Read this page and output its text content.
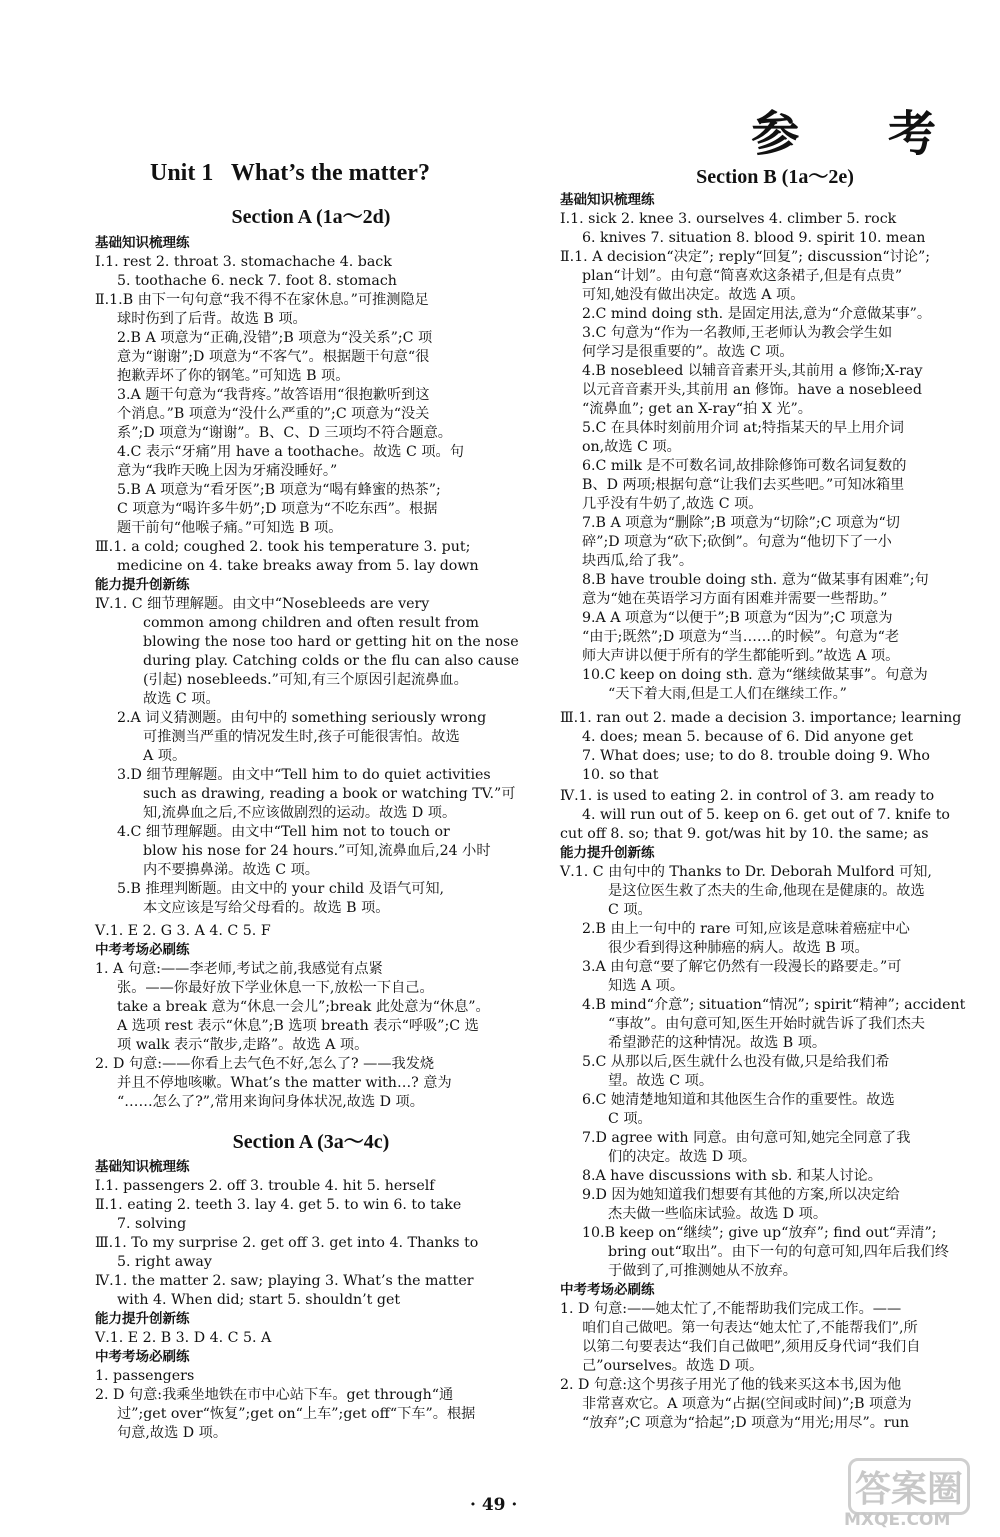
参 考
Unit 1   What’s the matter?
Section A (1a～2d)
Section A (3a～4c)
基础知识梳理练
Ⅰ.1. rest 2. throat 3. stomachache 4. back
5. toothache 6. neck 7. foot 8. stomach
Ⅱ.1.B 由下一句句意“我不得不在家休息。”可推测隐足
球时伤到了后背。故选 B 项。
2.B A 项意为“正确,没错”;B 项意为“没关系”;C 项
意为“谢谢”;D 项意为“不客气”。根据题干句意“很
抱歉弄坏了你的钢笔。”可知选 B 项。
3.A 题干句意为“我背疼。”故答语用“很抱歉听到这
个消息。”B 项意为“没什么严重的”;C 项意为“没关
系”;D 项意为“谢谢”。B、C、D 三项均不符合题意。
4.C 表示“牙痛”用 have a toothache。故选 C 项。句
意为“我昨天晚上因为牙痛没睡好。”
5.B A 项意为“看牙医”;B 项意为“喝有蜂蜜的热茶”;
C 项意为“喝许多牛奶”;D 项意为“不吃东西”。根据
题干前句“他喉子痛。”可知选 B 项。
Ⅲ.1. a cold; coughed 2. took his temperature 3. put;
medicine on 4. take breaks away from 5. lay down
能力提升创新练
Ⅳ.1. C 细节理解题。由文中“Nosebleeds are very
common among children and often result from
blowing the nose too hard or getting hit on the nose
during play. Catching colds or the flu can also cause
(引起) nosebleeds.”可知,有三个原因引起流鼻血。
故选 C 项。
2.A 词义猜测题。由句中的 something seriously wrong
可推测当严重的情况发生时,孩子可能很害怕。故选
A 项。
3.D 细节理解题。由文中“Tell him to do quiet activities
such as drawing, reading a book or watching TV.”可
知,流鼻血之后,不应该做剧烈的运动。故选 D 项。
4.C 细节理解题。由文中“Tell him not to touch or
blow his nose for 24 hours.”可知,流鼻血后,24 小时
内不要擤鼻涕。故选 C 项。
5.B 推理判断题。由文中的 your child 及语气可知,
本文应该是写给父母看的。故选 B 项。
Ⅴ.1. E 2. G 3. A 4. C 5. F
中考考场必刷练
1. A 句意:——李老师,考试之前,我感觉有点紧
张。——你最好放下学业休息一下,放松一下自己。
take a break 意为“休息一会儿”;break 此处意为“休息”。
A 选项 rest 表示“休息”;B 选项 breath 表示“呼吸”;C 选
项 walk 表示“散步,走路”。故选 A 项。
2. D 句意:——你看上去气色不好,怎么了? ——我发烧
并且不停地咳嗽。What’s the matter with…? 意为
“……怎么了?”,常用来询问身体状况,故选 D 项。
基础知识梳理练
Ⅰ.1. passengers 2. off 3. trouble 4. hit 5. herself
Ⅱ.1. eating 2. teeth 3. lay 4. get 5. to win 6. to take
7. solving
Ⅲ.1. To my surprise 2. get off 3. get into 4. Thanks to
5. right away
Ⅳ.1. the matter 2. saw; playing 3. What’s the matter
with 4. When did; start 5. shouldn’t get
能力提升创新练
Ⅴ.1. E 2. B 3. D 4. C 5. A
中考考场必刷练
1. passengers
2. D 句意:我乘坐地铁在市中心站下车。get through“通
过”;get over“恢复”;get on“上车”;get off“下车”。根据
句意,故选 D 项。
Section B (1a～2e)
基础知识梳理练
Ⅰ.1. sick 2. knee 3. ourselves 4. climber 5. rock
6. knives 7. situation 8. blood 9. spirit 10. mean
Ⅱ.1. A decision“决定”; reply“回复”; discussion“讨论”;
plan“计划”。由句意“简喜欢这条裙子,但是有点贵”
可知,她没有做出决定。故选 A 项。
2.C mind doing sth. 是固定用法,意为“介意做某事”。
3.C 句意为“作为一名教师,王老师认为教会学生如
何学习是很重要的”。故选 C 项。
4.B nosebleed 以辅音音素开头,其前用 a 修饰;X-ray
以元音音素开头,其前用 an 修饰。have a nosebleed
“流鼻血”; get an X-ray“拍 X 光”。
5.C 在具体时刻前用介词 at;特指某天的早上用介词
on,故选 C 项。
6.C milk 是不可数名词,故排除修饰可数名词复数的
B、D 两项;根据句意“让我们去买些吧。”可知冰箱里
几乎没有牛奶了,故选 C 项。
7.B A 项意为“删除”;B 项意为“切除”;C 项意为“切
碎”;D 项意为“砍下;砍倒”。句意为“他切下了一小
块西瓜,给了我”。
8.B have trouble doing sth. 意为“做某事有困难”;句
意为“她在英语学习方面有困难并需要一些帮助。”
9.A A 项意为“以便于”;B 项意为“因为”;C 项意为
“由于;既然”;D 项意为“当……的时候”。句意为“老
师大声讲以便于所有的学生都能听到。”故选 A 项。
10.C keep on doing sth. 意为“继续做某事”。句意为
“天下着大雨,但是工人们在继续工作。”
Ⅲ.1. ran out 2. made a decision 3. importance; learning
4. does; mean 5. because of 6. Did anyone get
7. What does; use; to do 8. trouble doing 9. Who
10. so that
Ⅳ.1. is used to eating 2. in control of 3. am ready to
4. will run out of 5. keep on 6. get out of 7. knife to
cut off 8. so; that 9. got/was hit by 10. the same; as
能力提升创新练
Ⅴ.1. C 由句中的 Thanks to Dr. Deborah Mulford 可知,
是这位医生救了杰夫的生命,他现在是健康的。故选
C 项。
2.B 由上一句中的 rare 可知,应该是意味着癌症中心
很少看到得这种肺癌的病人。故选 B 项。
3.A 由句意“要了解它仍然有一段漫长的路要走。”可
知选 A 项。
4.B mind“介意”; situation“情况”; spirit“精神”; accident
“事故”。由句意可知,医生开始时就告诉了我们杰夫
希望渺茫的这种情况。故选 B 项。
5.C 从那以后,医生就什么也没有做,只是给我们希
望。故选 C 项。
6.C 她清楚地知道和其他医生合作的重要性。故选
C 项。
7.D agree with 同意。由句意可知,她完全同意了我
们的决定。故选 D 项。
8.A have discussions with sb. 和某人讨论。
9.D 因为她知道我们想要有其他的方案,所以决定给
杰夫做一些临床试验。故选 D 项。
10.B keep on“继续”; give up“放弃”; find out“弄清”;
bring out“取出”。由下一句的句意可知,四年后我们终
于做到了,可推测她从不放弃。
中考考场必刷练
1. D 句意:——她太忙了,不能帮助我们完成工作。——
咱们自己做吧。第一句表达“她太忙了,不能帮我们”,所
以第二句要表达“我们自己做吧”,须用反身代词“我们自
己”ourselves。故选 D 项。
2. D 句意:这个男孩子用光了他的钱来买这本书,因为他
非常喜欢它。A 项意为“占据(空间或时间)”;B 项意为
“放弃”;C 项意为“拾起”;D 项意为“用光;用尽”。run
· 49 ·	答案圈
MXQE.COM
